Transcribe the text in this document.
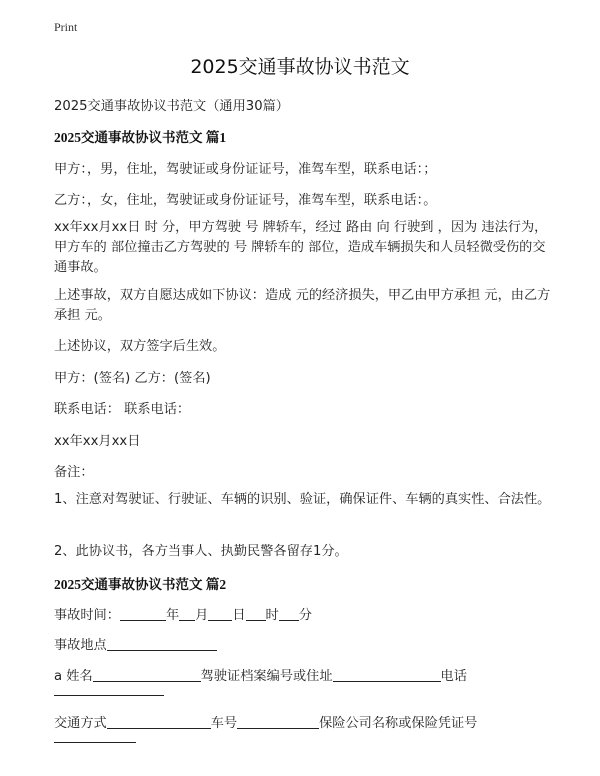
Print
2025交通事故协议书范文
2025交通事故协议书范文（通用30篇）
2025交通事故协议书范文 篇1
甲方：，男，住址，驾驶证或身份证证号，准驾车型，联系电话：；
乙方：，女，住址，驾驶证或身份证证号，准驾车型，联系电话：。
xx年xx月xx日 时 分，甲方驾驶 号 牌轿车，经过 路由 向 行驶到 ，因为 违法行为，甲方车的 部位撞击乙方驾驶的 号 牌轿车的 部位，造成车辆损失和人员轻微受伤的交通事故。
上述事故，双方自愿达成如下协议：造成 元的经济损失，甲乙由甲方承担 元，由乙方承担 元。
上述协议，双方签字后生效。
甲方：(签名) 乙方：(签名)
联系电话： 联系电话：
xx年xx月xx日
备注：
1、注意对驾驶证、行驶证、车辆的识别、验证，确保证件、车辆的真实性、合法性。
2、此协议书，各方当事人、执勤民警各留存1分。
2025交通事故协议书范文 篇2
事故时间：	年 月 日 时 分
事故地点
a 姓名	驾驶证档案编号或住址	电话
交通方式	车号	保险公司名称或保险凭证号
